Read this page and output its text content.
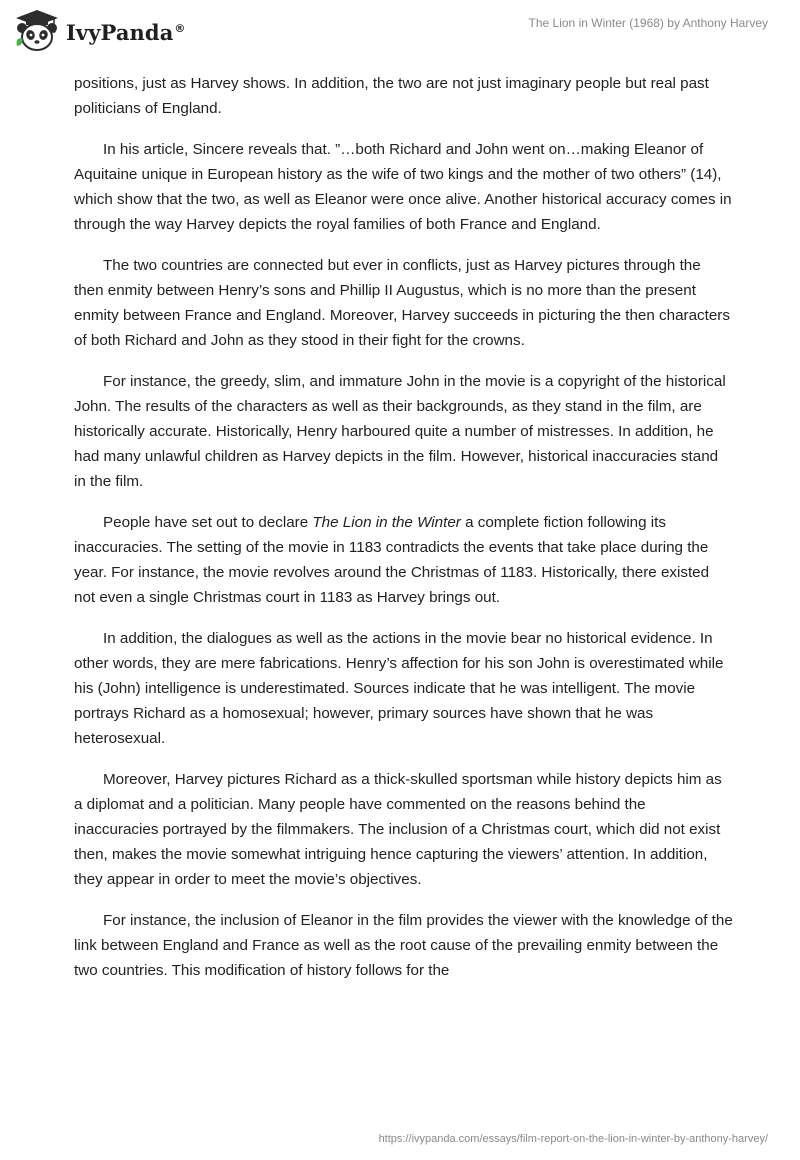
IvyPanda®	The Lion in Winter (1968) by Anthony Harvey

positions, just as Harvey shows. In addition, the two are not just imaginary people but real past politicians of England.

In his article, Sincere reveals that. ”…both Richard and John went on…making Eleanor of Aquitaine unique in European history as the wife of two kings and the mother of two others” (14), which show that the two, as well as Eleanor were once alive. Another historical accuracy comes in through the way Harvey depicts the royal families of both France and England.

The two countries are connected but ever in conflicts, just as Harvey pictures through the then enmity between Henry’s sons and Phillip II Augustus, which is no more than the present enmity between France and England. Moreover, Harvey succeeds in picturing the then characters of both Richard and John as they stood in their fight for the crowns.

For instance, the greedy, slim, and immature John in the movie is a copyright of the historical John. The results of the characters as well as their backgrounds, as they stand in the film, are historically accurate. Historically, Henry harboured quite a number of mistresses. In addition, he had many unlawful children as Harvey depicts in the film. However, historical inaccuracies stand in the film.

People have set out to declare The Lion in the Winter a complete fiction following its inaccuracies. The setting of the movie in 1183 contradicts the events that take place during the year. For instance, the movie revolves around the Christmas of 1183. Historically, there existed not even a single Christmas court in 1183 as Harvey brings out.

In addition, the dialogues as well as the actions in the movie bear no historical evidence. In other words, they are mere fabrications. Henry’s affection for his son John is overestimated while his (John) intelligence is underestimated. Sources indicate that he was intelligent. The movie portrays Richard as a homosexual; however, primary sources have shown that he was heterosexual.

Moreover, Harvey pictures Richard as a thick-skulled sportsman while history depicts him as a diplomat and a politician. Many people have commented on the reasons behind the inaccuracies portrayed by the filmmakers. The inclusion of a Christmas court, which did not exist then, makes the movie somewhat intriguing hence capturing the viewers’ attention. In addition, they appear in order to meet the movie’s objectives.

For instance, the inclusion of Eleanor in the film provides the viewer with the knowledge of the link between England and France as well as the root cause of the prevailing enmity between the two countries. This modification of history follows for the

https://ivypanda.com/essays/film-report-on-the-lion-in-winter-by-anthony-harvey/
